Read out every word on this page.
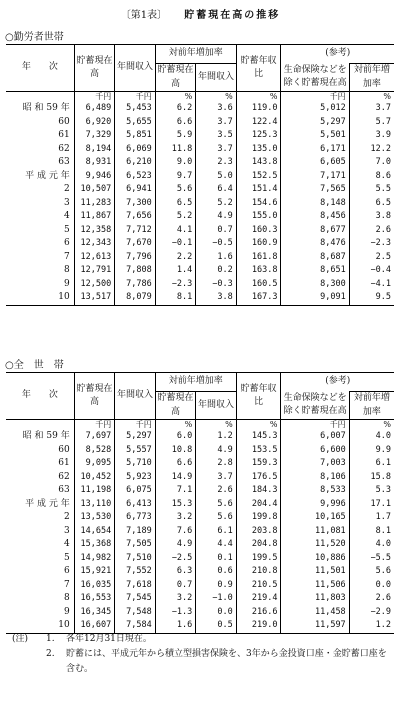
〔第1表〕 貯蓄現在高の推移
○勤労者世帯
年　　次	貯蓄現在高	年間収入	対前年増加率		貯蓄年収比	(参考)	
			貯蓄現在高	年間収入		生命保険などを除く貯蓄現在高	対前年増加率
	千円	千円	%	%	%	千円	%
昭 和 59 年	6,489	5,453	6.2	3.6	119.0	5,012	3.7
60	6,920	5,655	6.6	3.7	122.4	5,297	5.7
61	7,329	5,851	5.9	3.5	125.3	5,501	3.9
62	8,194	6,069	11.8	3.7	135.0	6,171	12.2
63	8,931	6,210	9.0	2.3	143.8	6,605	7.0
平 成 元 年	9,946	6,523	9.7	5.0	152.5	7,171	8.6
2	10,507	6,941	5.6	6.4	151.4	7,565	5.5
3	11,283	7,300	6.5	5.2	154.6	8,148	6.5
4	11,867	7,656	5.2	4.9	155.0	8,456	3.8
5	12,358	7,712	4.1	0.7	160.3	8,677	2.6
6	12,343	7,670	−0.1	−0.5	160.9	8,476	−2.3
7	12,613	7,796	2.2	1.6	161.8	8,687	2.5
8	12,791	7,808	1.4	0.2	163.8	8,651	−0.4
9	12,500	7,786	−2.3	−0.3	160.5	8,300	−4.1
10	13,517	8,079	8.1	3.8	167.3	9,091	9.5
○全　世　帯
年　　次	貯蓄現在高	年間収入	対前年増加率		貯蓄年収比	(参考)	
			貯蓄現在高	年間収入		生命保険などを除く貯蓄現在高	対前年増加率
	千円	千円	%	%	%	千円	%
昭 和 59 年	7,697	5,297	6.0	1.2	145.3	6,007	4.0
60	8,528	5,557	10.8	4.9	153.5	6,600	9.9
61	9,095	5,710	6.6	2.8	159.3	7,003	6.1
62	10,452	5,923	14.9	3.7	176.5	8,106	15.8
63	11,198	6,075	7.1	2.6	184.3	8,533	5.3
平 成 元 年	13,110	6,413	15.3	5.6	204.4	9,996	17.1
2	13,530	6,773	3.2	5.6	199.8	10,165	1.7
3	14,654	7,189	7.6	6.1	203.8	11,081	8.1
4	15,368	7,505	4.9	4.4	204.8	11,520	4.0
5	14,982	7,510	−2.5	0.1	199.5	10,886	−5.5
6	15,921	7,552	6.3	0.6	210.8	11,501	5.6
7	16,035	7,618	0.7	0.9	210.5	11,506	0.0
8	16,553	7,545	3.2	−1.0	219.4	11,803	2.6
9	16,345	7,548	−1.3	0.0	216.6	11,458	−2.9
10	16,607	7,584	1.6	0.5	219.0	11,597	1.2
(注)	1.	各年12月31日現在。
2.	貯蓄には、平成元年から積立型損害保険を、3年から金投資口座・金貯蓄口座を含む。
